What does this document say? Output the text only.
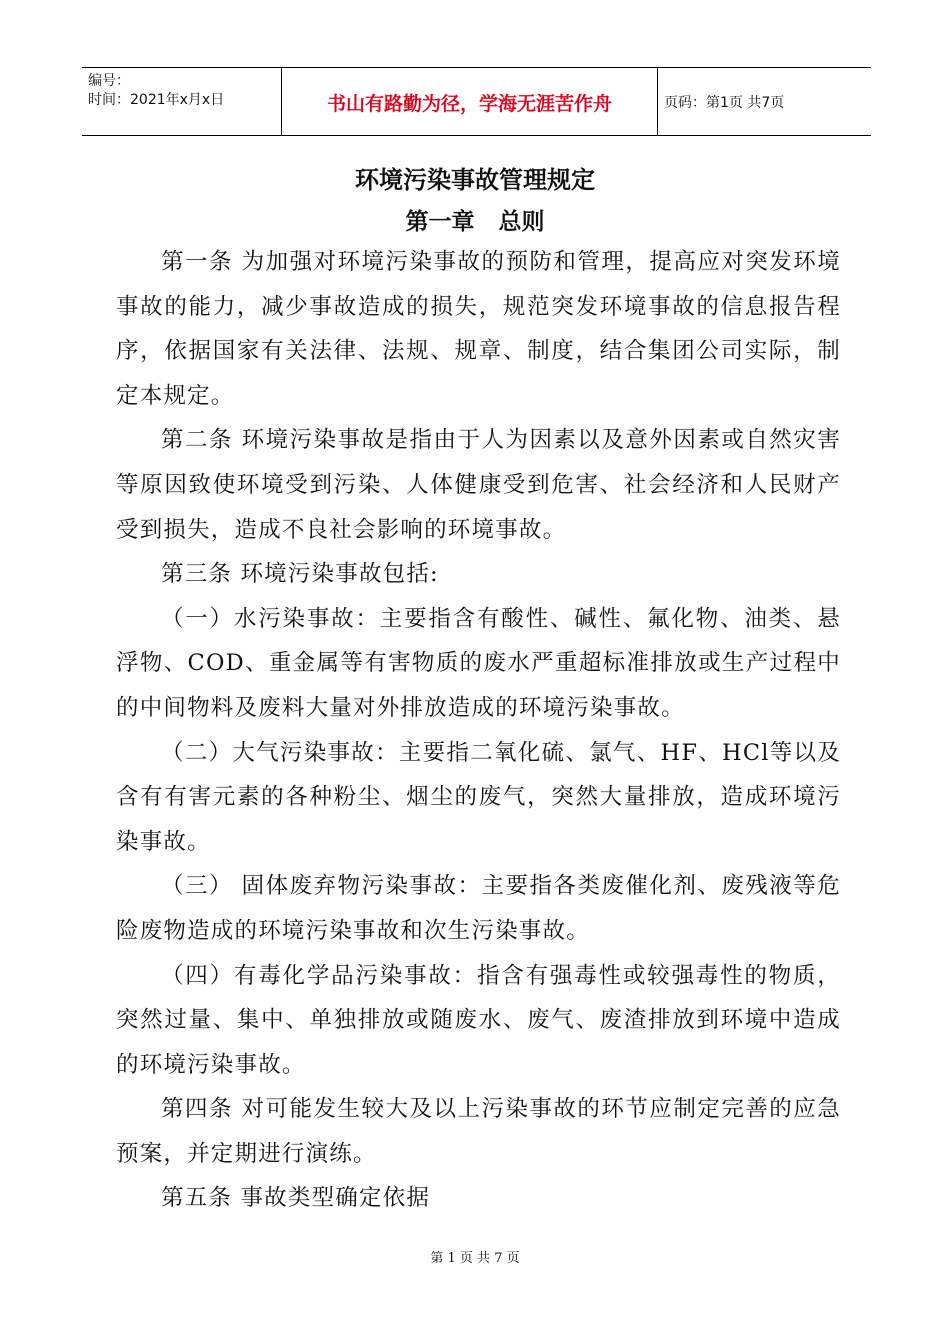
编号：
时间：2021年x月x日	书山有路勤为径，学海无涯苦作舟	页码：第1页 共7页
环境污染事故管理规定
第一章   总则

第一条 为加强对环境污染事故的预防和管理，提高应对突发环境事故的能力，减少事故造成的损失，规范突发环境事故的信息报告程序，依据国家有关法律、法规、规章、制度，结合集团公司实际，制定本规定。

第二条 环境污染事故是指由于人为因素以及意外因素或自然灾害等原因致使环境受到污染、人体健康受到危害、社会经济和人民财产受到损失，造成不良社会影响的环境事故。

第三条 环境污染事故包括:

（一）水污染事故：主要指含有酸性、碱性、氟化物、油类、悬浮物、COD、重金属等有害物质的废水严重超标准排放或生产过程中的中间物料及废料大量对外排放造成的环境污染事故。

（二）大气污染事故：主要指二氧化硫、氯气、HF、HCl等以及含有有害元素的各种粉尘、烟尘的废气，突然大量排放，造成环境污染事故。

（三） 固体废弃物污染事故：主要指各类废催化剂、废残液等危险废物造成的环境污染事故和次生污染事故。

（四）有毒化学品污染事故：指含有强毒性或较强毒性的物质，突然过量、集中、单独排放或随废水、废气、废渣排放到环境中造成的环境污染事故。

第四条 对可能发生较大及以上污染事故的环节应制定完善的应急预案，并定期进行演练。

第五条 事故类型确定依据

第 1 页 共 7 页
